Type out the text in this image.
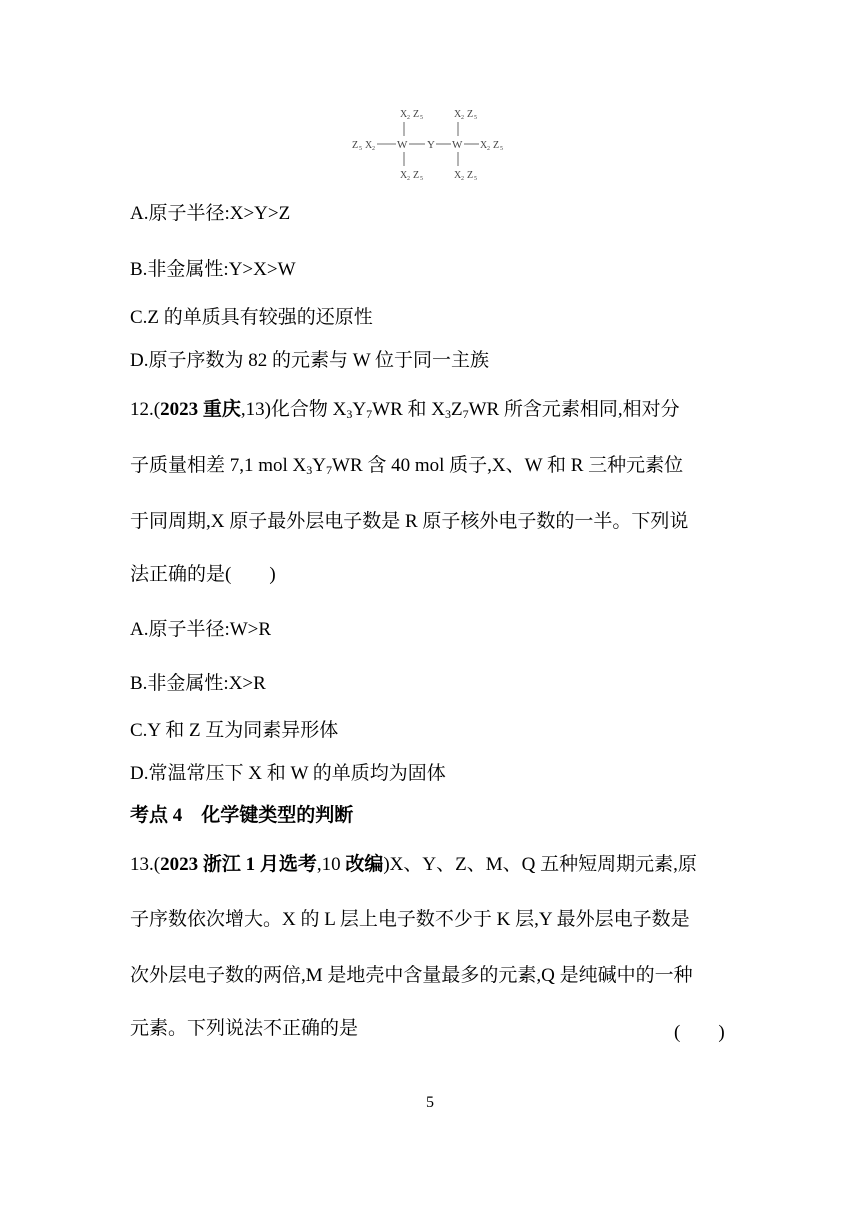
X 2 Z 5	X 2 Z 5
Z 5 X 2 W Y W X 2 Z 5
X 2 Z 5	X 2 Z 5
A.原子半径:X>Y>Z
B.非金属性:Y>X>W
C.Z 的单质具有较强的还原性
D.原子序数为 82 的元素与 W 位于同一主族
12.(2023 重庆,13)化合物 $X_3Y_7WR$ 和 $X_3Z_7WR$ 所含元素相同,相对分
子质量相差 7,1 mol $X_3Y_7WR$ 含 40 mol 质子,X、W 和 R 三种元素位
于同周期,X 原子最外层电子数是 R 原子核外电子数的一半。下列说
法正确的是(　　)
A.原子半径:W>R
B.非金属性:X>R
C.Y 和 Z 互为同素异形体
D.常温常压下 X 和 W 的单质均为固体
考点 4　化学键类型的判断
13.(2023 浙江 1 月选考,10 改编)X、Y、Z、M、Q 五种短周期元素,原
子序数依次增大。X 的 L 层上电子数不少于 K 层,Y 最外层电子数是
次外层电子数的两倍,M 是地壳中含量最多的元素,Q 是纯碱中的一种
元素。下列说法不正确的是	(　　)
5
